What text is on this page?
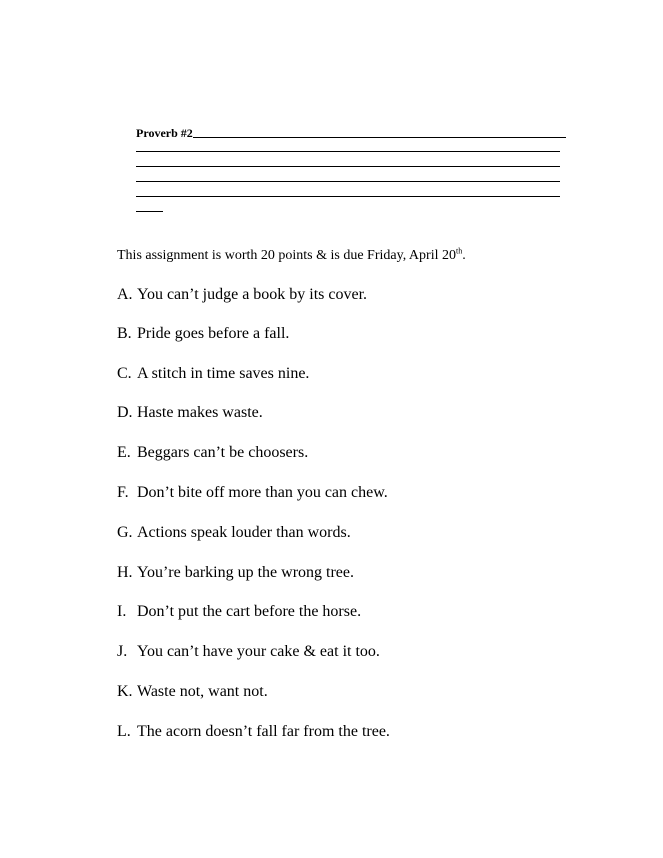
Proverb #2
This assignment is worth 20 points & is due Friday, April 20th.
A. You can’t judge a book by its cover.
B. Pride goes before a fall.
C. A stitch in time saves nine.
D. Haste makes waste.
E. Beggars can’t be choosers.
F. Don’t bite off more than you can chew.
G. Actions speak louder than words.
H. You’re barking up the wrong tree.
I. Don’t put the cart before the horse.
J. You can’t have your cake & eat it too.
K. Waste not, want not.
L. The acorn doesn’t fall far from the tree.
